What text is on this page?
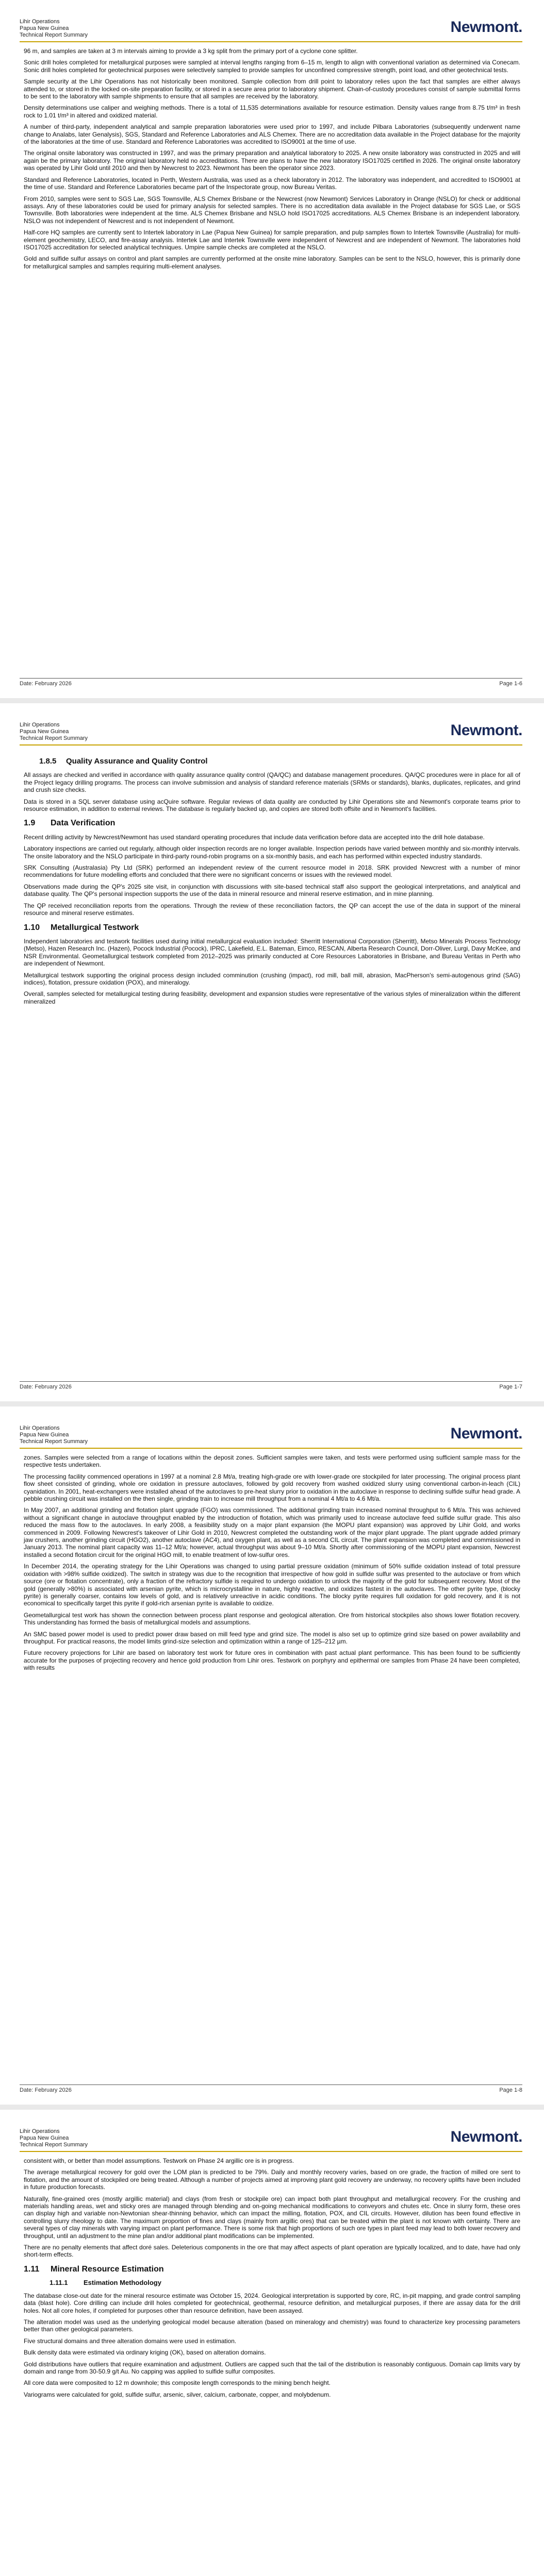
Lihir Operations
Papua New Guinea
Technical Report Summary	Newmont.

96 m, and samples are taken at 3 m intervals aiming to provide a 3 kg split from the primary port of a cyclone cone splitter.

Sonic drill holes completed for metallurgical purposes were sampled at interval lengths ranging from 6–15 m, length to align with conventional variation as determined via Conecam. Sonic drill holes completed for geotechnical purposes were selectively sampled to provide samples for unconfined compressive strength, point load, and other geotechnical tests.

Sample security at the Lihir Operations has not historically been monitored. Sample collection from drill point to laboratory relies upon the fact that samples are either always attended to, or stored in the locked on-site preparation facility, or stored in a secure area prior to laboratory shipment. Chain-of-custody procedures consist of sample submittal forms to be sent to the laboratory with sample shipments to ensure that all samples are received by the laboratory.

Density determinations use caliper and weighing methods. There is a total of 11,535 determinations available for resource estimation. Density values range from 8.75 t/m³ in fresh rock to 1.01 t/m³ in altered and oxidized material.

A number of third-party, independent analytical and sample preparation laboratories were used prior to 1997, and include Pilbara Laboratories (subsequently underwent name change to Analabs, later Genalysis), SGS, Standard and Reference Laboratories and ALS Chemex. There are no accreditation data available in the Project database for the majority of the laboratories at the time of use. Standard and Reference Laboratories was accredited to ISO9001 at the time of use.

The original onsite laboratory was constructed in 1997, and was the primary preparation and analytical laboratory to 2025. A new onsite laboratory was constructed in 2025 and will again be the primary laboratory. The original laboratory held no accreditations. There are plans to have the new laboratory ISO17025 certified in 2026. The original onsite laboratory was operated by Lihir Gold until 2010 and then by Newcrest to 2023. Newmont has been the operator since 2023.

Standard and Reference Laboratories, located in Perth, Western Australia, was used as a check laboratory in 2012. The laboratory was independent, and accredited to ISO9001 at the time of use. Standard and Reference Laboratories became part of the Inspectorate group, now Bureau Veritas.

From 2010, samples were sent to SGS Lae, SGS Townsville, ALS Chemex Brisbane or the Newcrest (now Newmont) Services Laboratory in Orange (NSLO) for check or additional assays. Any of these laboratories could be used for primary analysis for selected samples. There is no accreditation data available in the Project database for SGS Lae, or SGS Townsville. Both laboratories were independent at the time. ALS Chemex Brisbane and NSLO hold ISO17025 accreditations. ALS Chemex Brisbane is an independent laboratory. NSLO was not independent of Newcrest and is not independent of Newmont.

Half-core HQ samples are currently sent to Intertek laboratory in Lae (Papua New Guinea) for sample preparation, and pulp samples flown to Intertek Townsville (Australia) for multi-element geochemistry, LECO, and fire-assay analysis. Intertek Lae and Intertek Townsville were independent of Newcrest and are independent of Newmont. The laboratories hold ISO17025 accreditation for selected analytical techniques. Umpire sample checks are completed at the NSLO.

Gold and sulfide sulfur assays on control and plant samples are currently performed at the onsite mine laboratory. Samples can be sent to the NSLO, however, this is primarily done for metallurgical samples and samples requiring multi-element analyses.

Date: February 2026	Page 1-6
Lihir Operations
Papua New Guinea
Technical Report Summary	Newmont.
1.8.5 Quality Assurance and Quality Control

All assays are checked and verified in accordance with quality assurance quality control (QA/QC) and database management procedures. QA/QC procedures were in place for all of the Project legacy drilling programs. The process can involve submission and analysis of standard reference materials (SRMs or standards), blanks, duplicates, replicates, and grind and crush size checks.

Data is stored in a SQL server database using acQuire software. Regular reviews of data quality are conducted by Lihir Operations site and Newmont's corporate teams prior to resource estimation, in addition to external reviews. The database is regularly backed up, and copies are stored both offsite and in Newmont's facilities.

1.9 Data Verification

Recent drilling activity by Newcrest/Newmont has used standard operating procedures that include data verification before data are accepted into the drill hole database.

Laboratory inspections are carried out regularly, although older inspection records are no longer available. Inspection periods have varied between monthly and six-monthly intervals. The onsite laboratory and the NSLO participate in third-party round-robin programs on a six-monthly basis, and each has performed within expected industry standards.

SRK Consulting (Australasia) Pty Ltd (SRK) performed an independent review of the current resource model in 2018. SRK provided Newcrest with a number of minor recommendations for future modelling efforts and concluded that there were no significant concerns or issues with the reviewed model.

Observations made during the QP's 2025 site visit, in conjunction with discussions with site-based technical staff also support the geological interpretations, and analytical and database quality. The QP's personal inspection supports the use of the data in mineral resource and mineral reserve estimation, and in mine planning.

The QP received reconciliation reports from the operations. Through the review of these reconciliation factors, the QP can accept the use of the data in support of the mineral resource and mineral reserve estimates.

1.10 Metallurgical Testwork

Independent laboratories and testwork facilities used during initial metallurgical evaluation included: Sherritt International Corporation (Sherritt), Metso Minerals Process Technology (Metso), Hazen Research Inc. (Hazen), Pocock Industrial (Pocock), IPRC, Lakefield, E.L. Bateman, Eimco, RESCAN, Alberta Research Council, Dorr-Oliver, Lurgi, Davy McKee, and NSR Environmental. Geometallurgical testwork completed from 2012–2025 was primarily conducted at Core Resources Laboratories in Brisbane, and Bureau Veritas in Perth who are independent of Newmont.

Metallurgical testwork supporting the original process design included comminution (crushing (impact), rod mill, ball mill, abrasion, MacPherson's semi-autogenous grind (SAG) indices), flotation, pressure oxidation (POX), and mineralogy.

Overall, samples selected for metallurgical testing during feasibility, development and expansion studies were representative of the various styles of mineralization within the different mineralized

Date: February 2026	Page 1-7
Lihir Operations
Papua New Guinea
Technical Report Summary	Newmont.

zones. Samples were selected from a range of locations within the deposit zones. Sufficient samples were taken, and tests were performed using sufficient sample mass for the respective tests undertaken.

The processing facility commenced operations in 1997 at a nominal 2.8 Mt/a, treating high-grade ore with lower-grade ore stockpiled for later processing. The original process plant flow sheet consisted of grinding, whole ore oxidation in pressure autoclaves, followed by gold recovery from washed oxidized slurry using conventional carbon-in-leach (CIL) cyanidation. In 2001, heat-exchangers were installed ahead of the autoclaves to pre-heat slurry prior to oxidation in the autoclave in response to declining sulfide sulfur head grade. A pebble crushing circuit was installed on the then single, grinding train to increase mill throughput from a nominal 4 Mt/a to 4.6 Mt/a.

In May 2007, an additional grinding and flotation plant upgrade (FGO) was commissioned. The additional grinding train increased nominal throughput to 6 Mt/a. This was achieved without a significant change in autoclave throughput enabled by the introduction of flotation, which was primarily used to increase autoclave feed sulfide sulfur grade. This also reduced the mass flow to the autoclaves. In early 2008, a feasibility study on a major plant expansion (the MOPU plant expansion) was approved by Lihir Gold, and works commenced in 2009. Following Newcrest's takeover of Lihir Gold in 2010, Newcrest completed the outstanding work of the major plant upgrade. The plant upgrade added primary jaw crushers, another grinding circuit (HGO2), another autoclave (AC4), and oxygen plant, as well as a second CIL circuit. The plant expansion was completed and commissioned in January 2013. The nominal plant capacity was 11–12 Mt/a; however, actual throughput was about 9–10 Mt/a. Shortly after commissioning of the MOPU plant expansion, Newcrest installed a second flotation circuit for the original HGO mill, to enable treatment of low-sulfur ores.

In December 2014, the operating strategy for the Lihir Operations was changed to using partial pressure oxidation (minimum of 50% sulfide oxidation instead of total pressure oxidation with >98% sulfide oxidized). The switch in strategy was due to the recognition that irrespective of how gold in sulfide sulfur was presented to the autoclave or from which source (ore or flotation concentrate), only a fraction of the refractory sulfide is required to undergo oxidation to unlock the majority of the gold for subsequent recovery. Most of the gold (generally >80%) is associated with arsenian pyrite, which is microcrystalline in nature, highly reactive, and oxidizes fastest in the autoclaves. The other pyrite type, (blocky pyrite) is generally coarser, contains low levels of gold, and is relatively unreactive in acidic conditions. The blocky pyrite requires full oxidation for gold recovery, and it is not economical to specifically target this pyrite if gold-rich arsenian pyrite is available to oxidize.

Geometallurgical test work has shown the connection between process plant response and geological alteration. Ore from historical stockpiles also shows lower flotation recovery. This understanding has formed the basis of metallurgical models and assumptions.

An SMC based power model is used to predict power draw based on mill feed type and grind size. The model is also set up to optimize grind size based on power availability and throughput. For practical reasons, the model limits grind-size selection and optimization within a range of 125–212 µm.

Future recovery projections for Lihir are based on laboratory test work for future ores in combination with past actual plant performance. This has been found to be sufficiently accurate for the purposes of projecting recovery and hence gold production from Lihir ores. Testwork on porphyry and epithermal ore samples from Phase 24 have been completed, with results

Date: February 2026	Page 1-8
Lihir Operations
Papua New Guinea
Technical Report Summary	Newmont.

consistent with, or better than model assumptions. Testwork on Phase 24 argillic ore is in progress.

The average metallurgical recovery for gold over the LOM plan is predicted to be 79%. Daily and monthly recovery varies, based on ore grade, the fraction of milled ore sent to flotation, and the amount of stockpiled ore being treated. Although a number of projects aimed at improving plant gold recovery are underway, no recovery uplifts have been included in future production forecasts.

Naturally, fine-grained ores (mostly argillic material) and clays (from fresh or stockpile ore) can impact both plant throughput and metallurgical recovery. For the crushing and materials handling areas, wet and sticky ores are managed through blending and on-going mechanical modifications to conveyors and chutes etc. Once in slurry form, these ores can display high and variable non-Newtonian shear-thinning behavior, which can impact the milling, flotation, POX, and CIL circuits. However, dilution has been found effective in controlling slurry rheology to date. The maximum proportion of fines and clays (mainly from argillic ores) that can be treated within the plant is not known with certainty. There are several types of clay minerals with varying impact on plant performance. There is some risk that high proportions of such ore types in plant feed may lead to both lower recovery and throughput, until an adjustment to the mine plan and/or additional plant modifications can be implemented.

There are no penalty elements that affect doré sales. Deleterious components in the ore that may affect aspects of plant operation are typically localized, and to date, have had only short-term effects.

1.11 Mineral Resource Estimation
1.11.1 Estimation Methodology

The database close-out date for the mineral resource estimate was October 15, 2024. Geological interpretation is supported by core, RC, in-pit mapping, and grade control sampling data (blast hole). Core drilling can include drill holes completed for geotechnical, geothermal, resource definition, and metallurgical purposes, if there are assay data for the drill holes. Not all core holes, if completed for purposes other than resource definition, have been assayed.

The alteration model was used as the underlying geological model because alteration (based on mineralogy and chemistry) was found to characterize key processing parameters better than other geological parameters.

Five structural domains and three alteration domains were used in estimation.

Bulk density data were estimated via ordinary kriging (OK), based on alteration domains.

Gold distributions have outliers that require examination and adjustment. Outliers are capped such that the tail of the distribution is reasonably contiguous. Domain cap limits vary by domain and range from 30-50.9 g/t Au. No capping was applied to sulfide sulfur composites.

All core data were composited to 12 m downhole; this composite length corresponds to the mining bench height.

Variograms were calculated for gold, sulfide sulfur, arsenic, silver, calcium, carbonate, copper, and molybdenum.
